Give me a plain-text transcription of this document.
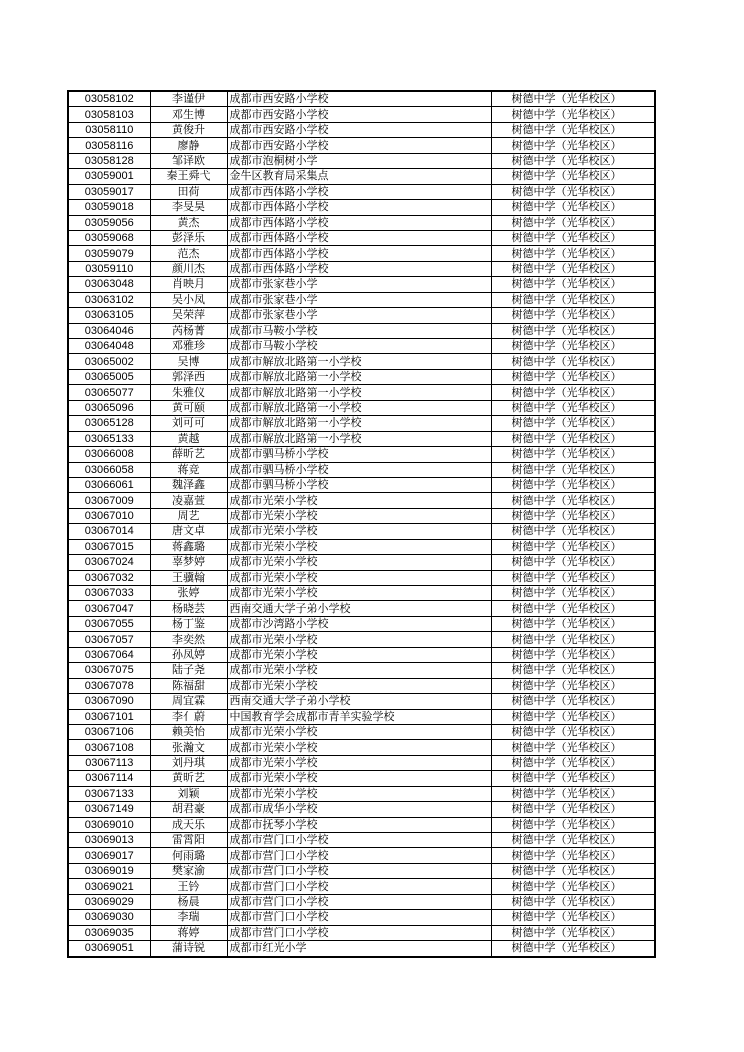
03058102	李谨伊	成都市西安路小学校	树德中学（光华校区）
03058103	邓生博	成都市西安路小学校	树德中学（光华校区）
03058110	黄俊升	成都市西安路小学校	树德中学（光华校区）
03058116	廖静	成都市西安路小学校	树德中学（光华校区）
03058128	邹译欧	成都市泡桐树小学	树德中学（光华校区）
03059001	秦王舜弋	金牛区教育局采集点	树德中学（光华校区）
03059017	田荷	成都市西体路小学校	树德中学（光华校区）
03059018	李旻昊	成都市西体路小学校	树德中学（光华校区）
03059056	黄杰	成都市西体路小学校	树德中学（光华校区）
03059068	彭泽乐	成都市西体路小学校	树德中学（光华校区）
03059079	范杰	成都市西体路小学校	树德中学（光华校区）
03059110	颜川杰	成都市西体路小学校	树德中学（光华校区）
03063048	肖映月	成都市张家巷小学	树德中学（光华校区）
03063102	吴小凤	成都市张家巷小学	树德中学（光华校区）
03063105	吴荣萍	成都市张家巷小学	树德中学（光华校区）
03064046	芮杨菁	成都市马鞍小学校	树德中学（光华校区）
03064048	邓雅珍	成都市马鞍小学校	树德中学（光华校区）
03065002	吴博	成都市解放北路第一小学校	树德中学（光华校区）
03065005	郭泽西	成都市解放北路第一小学校	树德中学（光华校区）
03065077	朱雅仪	成都市解放北路第一小学校	树德中学（光华校区）
03065096	黄可颐	成都市解放北路第一小学校	树德中学（光华校区）
03065128	刘可可	成都市解放北路第一小学校	树德中学（光华校区）
03065133	黄越	成都市解放北路第一小学校	树德中学（光华校区）
03066008	薛昕艺	成都市驷马桥小学校	树德中学（光华校区）
03066058	蒋竞	成都市驷马桥小学校	树德中学（光华校区）
03066061	魏泽鑫	成都市驷马桥小学校	树德中学（光华校区）
03067009	凌嘉萱	成都市光荣小学校	树德中学（光华校区）
03067010	周艺	成都市光荣小学校	树德中学（光华校区）
03067014	唐文卓	成都市光荣小学校	树德中学（光华校区）
03067015	蒋鑫璐	成都市光荣小学校	树德中学（光华校区）
03067024	辜梦婷	成都市光荣小学校	树德中学（光华校区）
03067032	王骥翰	成都市光荣小学校	树德中学（光华校区）
03067033	张婷	成都市光荣小学校	树德中学（光华校区）
03067047	杨晓芸	西南交通大学子弟小学校	树德中学（光华校区）
03067055	杨丁鉴	成都市沙湾路小学校	树德中学（光华校区）
03067057	李奕然	成都市光荣小学校	树德中学（光华校区）
03067064	孙凤婷	成都市光荣小学校	树德中学（光华校区）
03067075	陆子尧	成都市光荣小学校	树德中学（光华校区）
03067078	陈福甜	成都市光荣小学校	树德中学（光华校区）
03067090	周宜霖	西南交通大学子弟小学校	树德中学（光华校区）
03067101	李亻蔚	中国教育学会成都市青羊实验学校	树德中学（光华校区）
03067106	赖美怡	成都市光荣小学校	树德中学（光华校区）
03067108	张瀚文	成都市光荣小学校	树德中学（光华校区）
03067113	刘丹琪	成都市光荣小学校	树德中学（光华校区）
03067114	黄昕艺	成都市光荣小学校	树德中学（光华校区）
03067133	刘颖	成都市光荣小学校	树德中学（光华校区）
03067149	胡君豪	成都市成华小学校	树德中学（光华校区）
03069010	成天乐	成都市抚琴小学校	树德中学（光华校区）
03069013	雷霄阳	成都市营门口小学校	树德中学（光华校区）
03069017	何雨璐	成都市营门口小学校	树德中学（光华校区）
03069019	樊家渝	成都市营门口小学校	树德中学（光华校区）
03069021	王钤	成都市营门口小学校	树德中学（光华校区）
03069029	杨晨	成都市营门口小学校	树德中学（光华校区）
03069030	李瑞	成都市营门口小学校	树德中学（光华校区）
03069035	蒋婷	成都市营门口小学校	树德中学（光华校区）
03069051	蒲诗锐	成都市红光小学	树德中学（光华校区）
